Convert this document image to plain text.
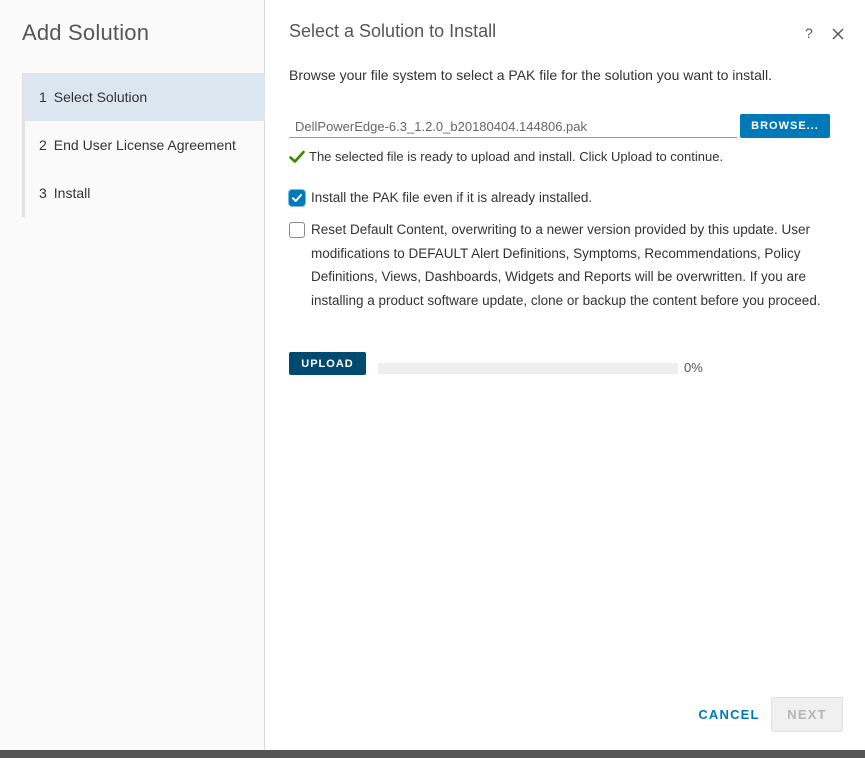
Add Solution
1 Select Solution
2 End User License Agreement
3 Install
Select a Solution to Install	?

Browse your file system to select a PAK file for the solution you want to install.

DellPowerEdge-6.3_1.2.0_b20180404.144806.pak
BROWSE...
The selected file is ready to upload and install. Click Upload to continue.
Install the PAK file even if it is already installed.
Reset Default Content, overwriting to a newer version provided by this update. User modifications to DEFAULT Alert Definitions, Symptoms, Recommendations, Policy Definitions, Views, Dashboards, Widgets and Reports will be overwritten. If you are installing a product software update, clone or backup the content before you proceed.
UPLOAD	0%
CANCEL	NEXT
